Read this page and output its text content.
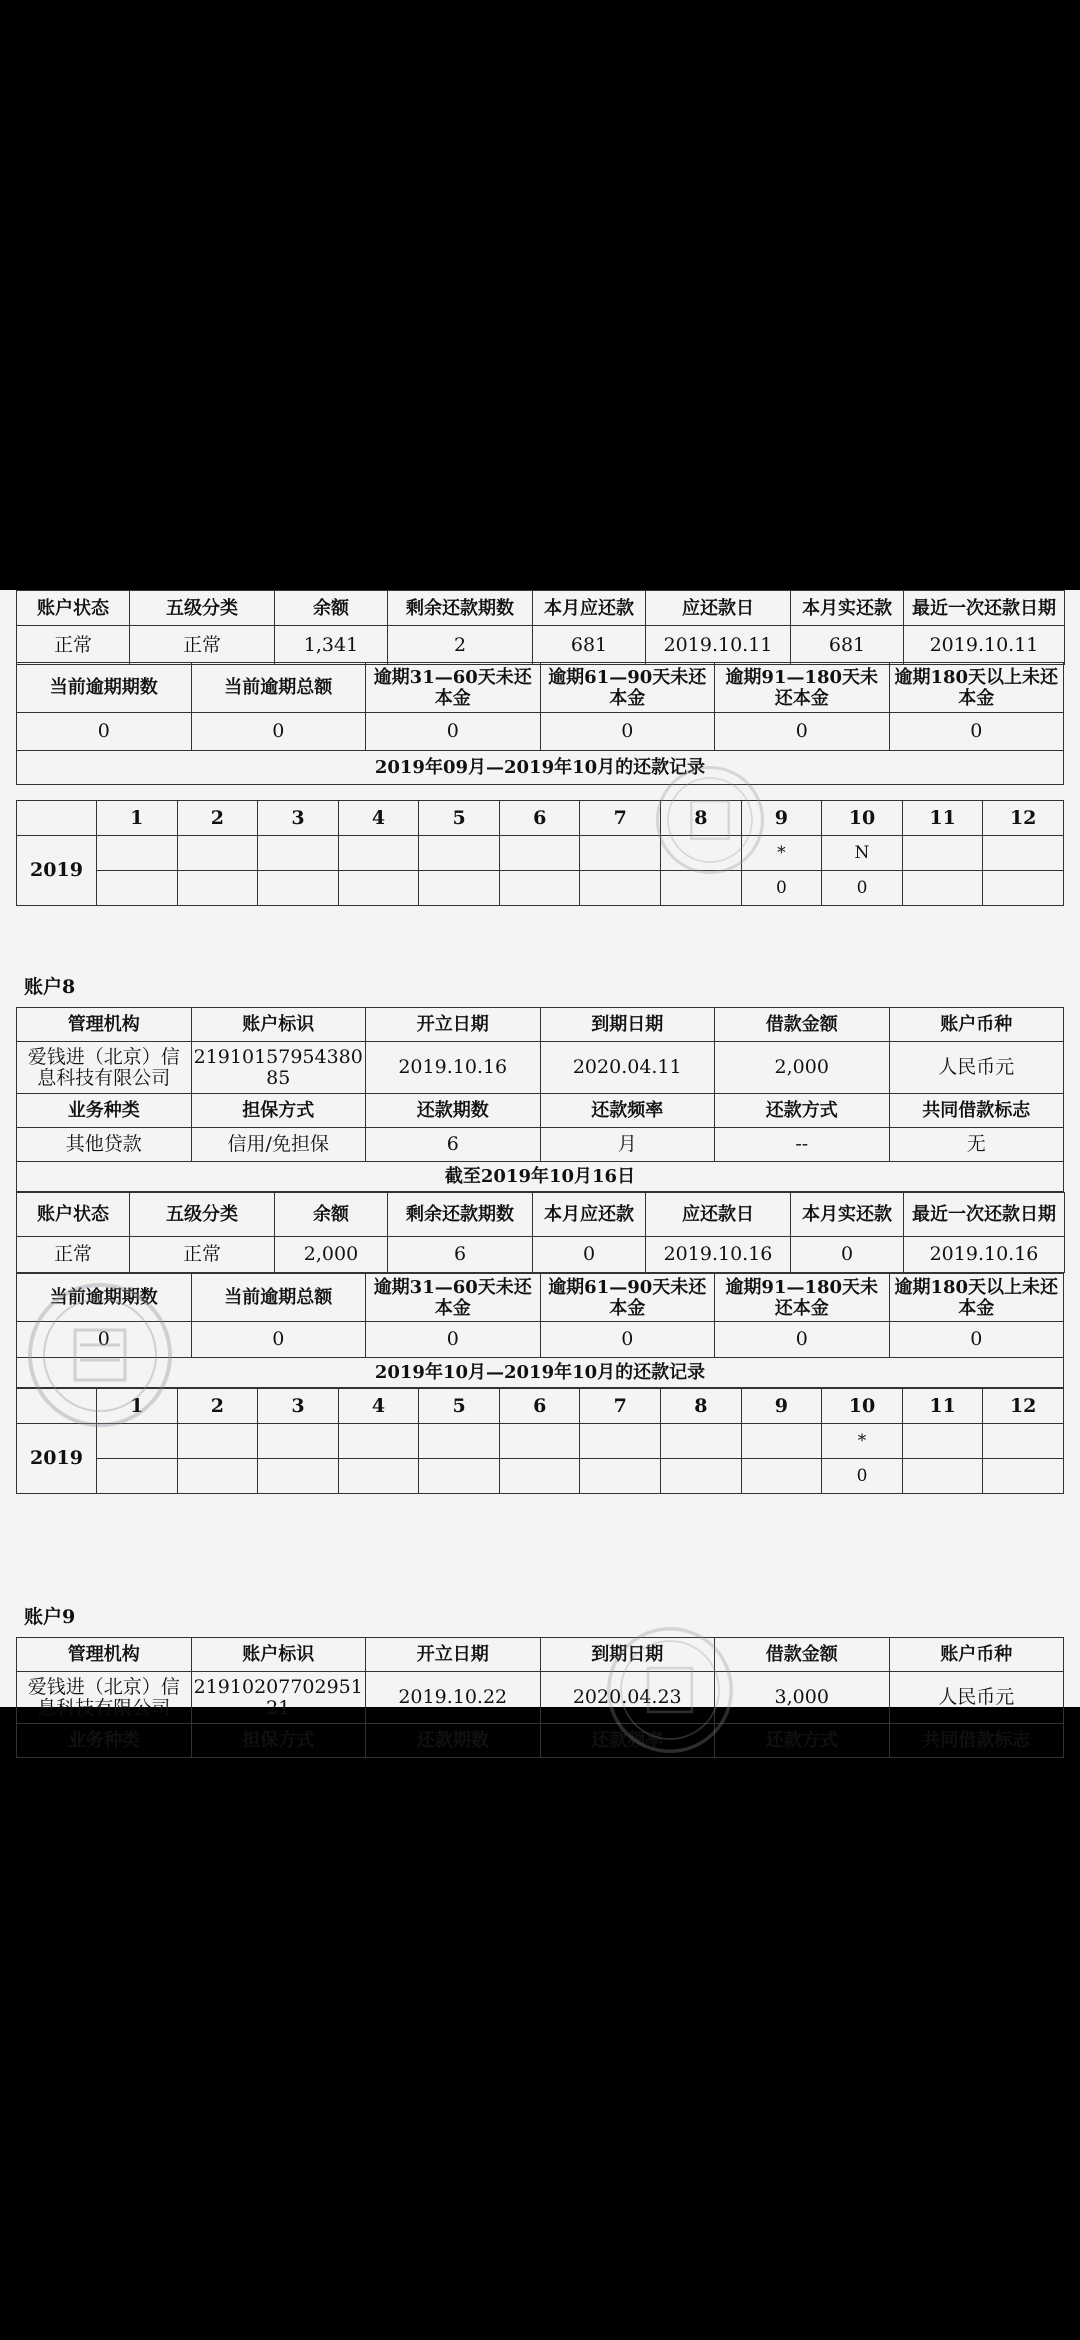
账户状态	五级分类	余额	剩余还款期数	本月应还款	应还款日	本月实还款	最近一次还款日期
正常	正常	1,341	2	681	2019.10.11	681	2019.10.11
当前逾期期数	当前逾期总额	逾期31—60天未还本金	逾期61—90天未还本金	逾期91—180天未还本金	逾期180天以上未还本金
0	0	0	0	0	0
2019年09月—2019年10月的还款记录					
	1	2	3	4	5	6	7	8	9	10	11	12
2019									*	N		
									0	0		
账户8
管理机构	账户标识	开立日期	到期日期	借款金额	账户币种
爱钱进（北京）信息科技有限公司	2191015795438085	2019.10.16	2020.04.11	2,000	人民币元
业务种类	担保方式	还款期数	还款频率	还款方式	共同借款标志
其他贷款	信用/免担保	6	月	--	无
截至2019年10月16日					
账户状态	五级分类	余额	剩余还款期数	本月应还款	应还款日	本月实还款	最近一次还款日期
正常	正常	2,000	6	0	2019.10.16	0	2019.10.16
当前逾期期数	当前逾期总额	逾期31—60天未还本金	逾期61—90天未还本金	逾期91—180天未还本金	逾期180天以上未还本金
0	0	0	0	0	0
2019年10月—2019年10月的还款记录					
	1	2	3	4	5	6	7	8	9	10	11	12
2019										*		
										0		
账户9
管理机构	账户标识	开立日期	到期日期	借款金额	账户币种
爱钱进（北京）信息科技有限公司	2191020770295121	2019.10.22	2020.04.23	3,000	人民币元
业务种类	担保方式	还款期数	还款频率	还款方式	共同借款标志
